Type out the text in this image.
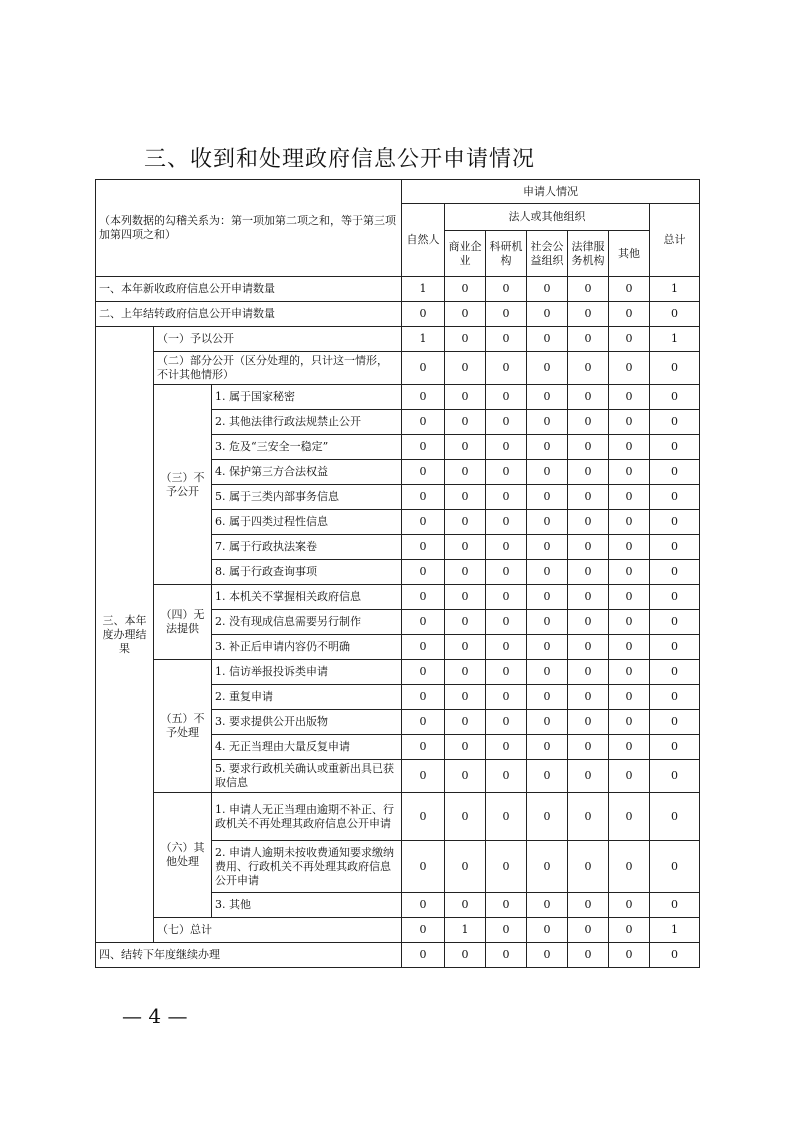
三、收到和处理政府信息公开申请情况
（本列数据的勾稽关系为：第一项加第二项之和，等于第三项加第四项之和）			申请人情况						
			自然人	法人或其他组织					总计
				商业企业	科研机构	社会公益组织	法律服务机构	其他	
一、本年新收政府信息公开申请数量			1	0	0	0	0	0	1
二、上年结转政府信息公开申请数量			0	0	0	0	0	0	0
三、本年度办理结果	（一）予以公开		1	0	0	0	0	0	1
	（二）部分公开（区分处理的，只计这一情形，不计其他情形）		0	0	0	0	0	0	0
	（三）不予公开	1. 属于国家秘密	0	0	0	0	0	0	0
		2. 其他法律行政法规禁止公开	0	0	0	0	0	0	0
		3. 危及“三安全一稳定”	0	0	0	0	0	0	0
		4. 保护第三方合法权益	0	0	0	0	0	0	0
		5. 属于三类内部事务信息	0	0	0	0	0	0	0
		6. 属于四类过程性信息	0	0	0	0	0	0	0
		7. 属于行政执法案卷	0	0	0	0	0	0	0
		8. 属于行政查询事项	0	0	0	0	0	0	0
	（四）无法提供	1. 本机关不掌握相关政府信息	0	0	0	0	0	0	0
		2. 没有现成信息需要另行制作	0	0	0	0	0	0	0
		3. 补正后申请内容仍不明确	0	0	0	0	0	0	0
	（五）不予处理	1. 信访举报投诉类申请	0	0	0	0	0	0	0
		2. 重复申请	0	0	0	0	0	0	0
		3. 要求提供公开出版物	0	0	0	0	0	0	0
		4. 无正当理由大量反复申请	0	0	0	0	0	0	0
		5. 要求行政机关确认或重新出具已获取信息	0	0	0	0	0	0	0
	（六）其他处理	1. 申请人无正当理由逾期不补正、行政机关不再处理其政府信息公开申请	0	0	0	0	0	0	0
		2. 申请人逾期未按收费通知要求缴纳费用、行政机关不再处理其政府信息公开申请	0	0	0	0	0	0	0
		3. 其他	0	0	0	0	0	0	0
	（七）总计		0	1	0	0	0	0	1
四、结转下年度继续办理			0	0	0	0	0	0	0
— 4 —
